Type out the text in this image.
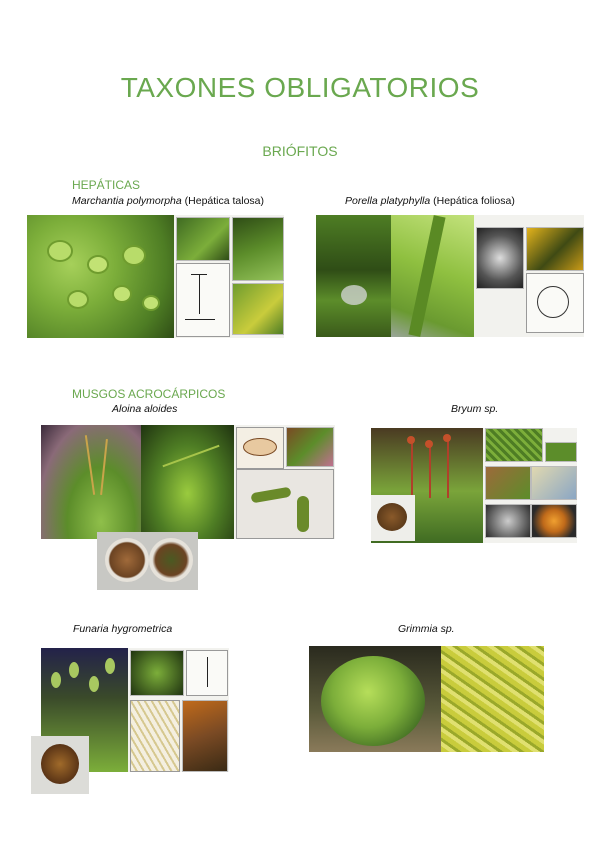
TAXONES OBLIGATORIOS
BRIÓFITOS
HEPÁTICAS
Marchantia polymorpha (Hepática talosa)	Porella platyphylla (Hepática foliosa)
MUSGOS ACROCÁRPICOS
Aloina aloides	Bryum sp.
Funaria hygrometrica	Grimmia sp.
